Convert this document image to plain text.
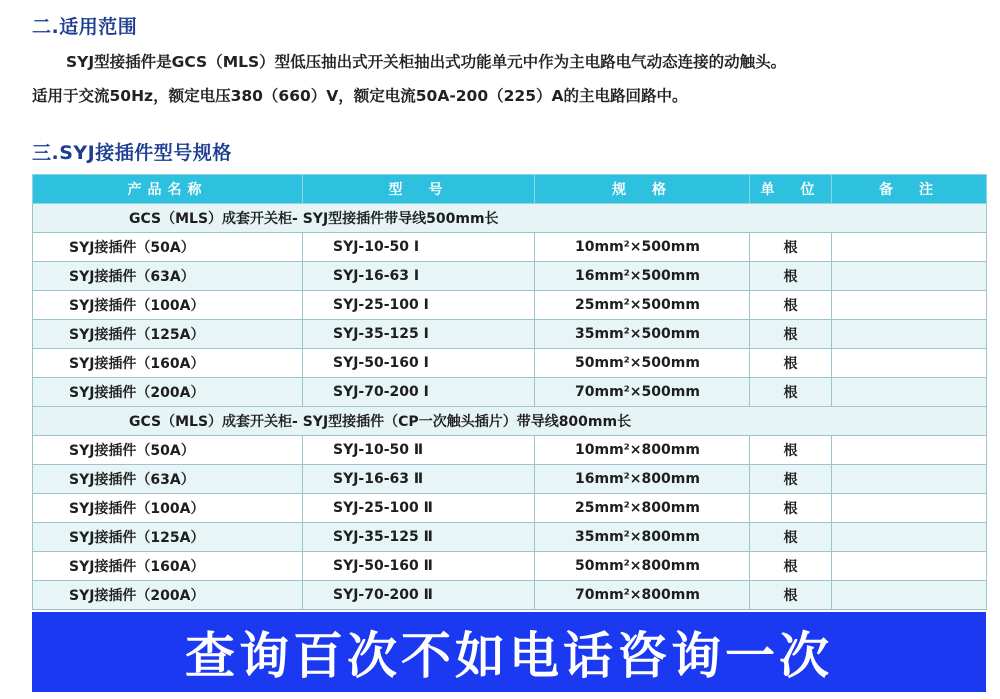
二.适用范围
SYJ型接插件是GCS（MLS）型低压抽出式开关柜抽出式功能单元中作为主电路电气动态连接的动触头。
适用于交流50Hz，额定电压380（660）V，额定电流50A-200（225）A的主电路回路中。
三.SYJ接插件型号规格
产品名称	型　号	规　格	单　位	备　注
GCS（MLS）成套开关柜- SYJ型接插件带导线500mm长				
SYJ接插件（50A）	SYJ-10-50 Ⅰ	10mm²×500mm	根	
SYJ接插件（63A）	SYJ-16-63 Ⅰ	16mm²×500mm	根	
SYJ接插件（100A）	SYJ-25-100 Ⅰ	25mm²×500mm	根	
SYJ接插件（125A）	SYJ-35-125 Ⅰ	35mm²×500mm	根	
SYJ接插件（160A）	SYJ-50-160 Ⅰ	50mm²×500mm	根	
SYJ接插件（200A）	SYJ-70-200 Ⅰ	70mm²×500mm	根	
GCS（MLS）成套开关柜- SYJ型接插件（CP一次触头插片）带导线800mm长				
SYJ接插件（50A）	SYJ-10-50 Ⅱ	10mm²×800mm	根	
SYJ接插件（63A）	SYJ-16-63 Ⅱ	16mm²×800mm	根	
SYJ接插件（100A）	SYJ-25-100 Ⅱ	25mm²×800mm	根	
SYJ接插件（125A）	SYJ-35-125 Ⅱ	35mm²×800mm	根	
SYJ接插件（160A）	SYJ-50-160 Ⅱ	50mm²×800mm	根	
SYJ接插件（200A）	SYJ-70-200 Ⅱ	70mm²×800mm	根	
查询百次不如电话咨询一次
